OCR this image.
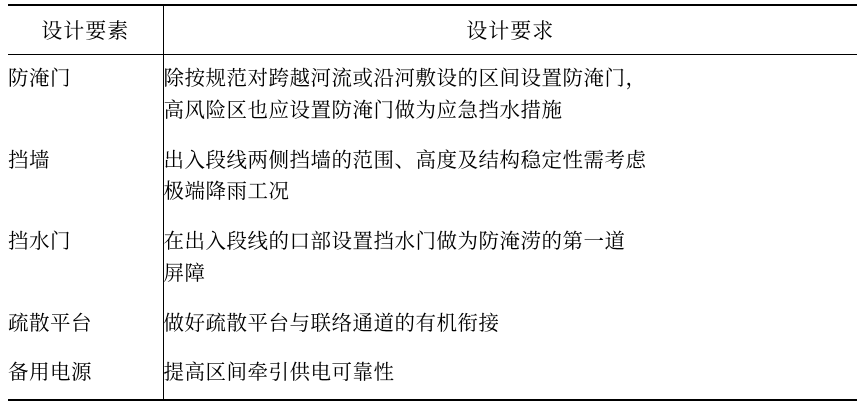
设计要素	设计要求
防淹门	除按规范对跨越河流或沿河敷设的区间设置防淹门，
高风险区也应设置防淹门做为应急挡水措施

挡墙	出入段线两侧挡墙的范围、高度及结构稳定性需考虑
极端降雨工况

挡水门	在出入段线的口部设置挡水门做为防淹涝的第一道
屏障

疏散平台	做好疏散平台与联络通道的有机衔接

备用电源	提高区间牵引供电可靠性
